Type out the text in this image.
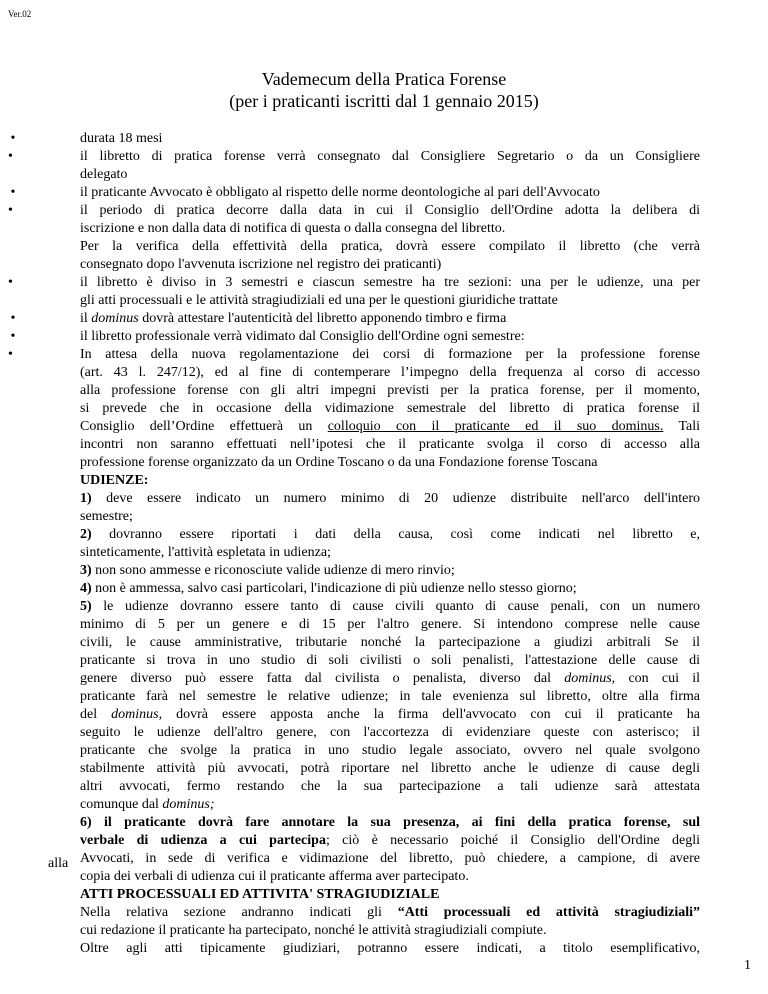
Ver.02
Vademecum della Pratica Forense
(per i praticanti iscritti dal 1 gennaio 2015)
•
durata 18 mesi
•
il libretto di pratica forense verrà consegnato dal Consigliere Segretario o da un Consigliere
delegato
•
il praticante Avvocato è obbligato al rispetto delle norme deontologiche al pari dell'Avvocato
•
il periodo di pratica decorre dalla data in cui il Consiglio dell'Ordine adotta la delibera di
iscrizione e non dalla data di notifica di questa o dalla consegna del libretto.
Per la verifica della effettività della pratica, dovrà essere compilato il libretto (che verrà
consegnato dopo l'avvenuta iscrizione nel registro dei praticanti)
•
il libretto è diviso in 3 semestri e ciascun semestre ha tre sezioni: una per le udienze, una per
gli atti processuali e le attività stragiudiziali ed una per le questioni giuridiche trattate
•
il dominus dovrà attestare l'autenticità del libretto apponendo timbro e firma
•
il libretto professionale verrà vidimato dal Consiglio dell'Ordine ogni semestre:
•
In attesa della nuova regolamentazione dei corsi di formazione per la professione forense
(art. 43 l. 247/12), ed al fine di contemperare l’impegno della frequenza al corso di accesso
alla professione forense con gli altri impegni previsti per la pratica forense, per il momento,
si prevede che in occasione della vidimazione semestrale del libretto di pratica forense il
Consiglio dell’Ordine effettuerà un colloquio con il praticante ed il suo dominus. Tali
incontri non saranno effettuati nell’ipotesi che il praticante svolga il corso di accesso alla
professione forense organizzato da un Ordine Toscano o da una Fondazione forense Toscana
UDIENZE:
1) deve essere indicato un numero minimo di 20 udienze distribuite nell'arco dell'intero
semestre;
2) dovranno essere riportati i dati della causa, così come indicati nel libretto e,
sinteticamente, l'attività espletata in udienza;
3) non sono ammesse e riconosciute valide udienze di mero rinvio;
4) non è ammessa, salvo casi particolari, l'indicazione di più udienze nello stesso giorno;
5) le udienze dovranno essere tanto di cause civili quanto di cause penali, con un numero
minimo di 5 per un genere e di 15 per l'altro genere. Si intendono comprese nelle cause
civili, le cause amministrative, tributarie nonché la partecipazione a giudizi arbitrali Se il
praticante si trova in uno studio di soli civilisti o soli penalisti, l'attestazione delle cause di
genere diverso può essere fatta dal civilista o penalista, diverso dal dominus, con cui il
praticante farà nel semestre le relative udienze; in tale evenienza sul libretto, oltre alla firma
del dominus, dovrà essere apposta anche la firma dell'avvocato con cui il praticante ha
seguito le udienze dell'altro genere, con l'accortezza di evidenziare queste con asterisco; il
praticante che svolge la pratica in uno studio legale associato, ovvero nel quale svolgono
stabilmente attività più avvocati, potrà riportare nel libretto anche le udienze di cause degli
altri avvocati, fermo restando che la sua partecipazione a tali udienze sarà attestata
comunque dal dominus;
6) il praticante dovrà fare annotare la sua presenza, ai fini della pratica forense, sul
verbale di udienza a cui partecipa; ciò è necessario poiché il Consiglio dell'Ordine degli
Avvocati, in sede di verifica e vidimazione del libretto, può chiedere, a campione, di avere
copia dei verbali di udienza cui il praticante afferma aver partecipato.
ATTI PROCESSUALI ED ATTIVITA' STRAGIUDIZIALE
Nella relativa sezione andranno indicati gli “Atti processuali ed attività stragiudiziali”
cui redazione il praticante ha partecipato, nonché le attività stragiudiziali compiute.
Oltre agli atti tipicamente giudiziari, potranno essere indicati, a titolo esemplificativo,
alla
1
